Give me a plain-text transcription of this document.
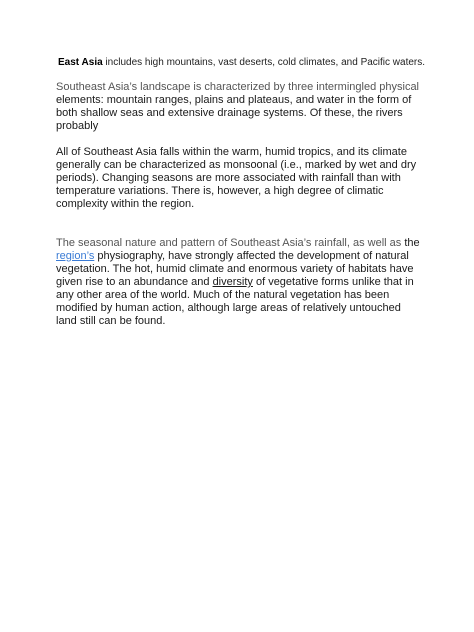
East Asia includes high mountains, vast deserts, cold climates, and Pacific waters.

Southeast Asia’s landscape is characterized by three intermingled physical elements: mountain ranges, plains and plateaus, and water in the form of both shallow seas and extensive drainage systems. Of these, the rivers probably

All of Southeast Asia falls within the warm, humid tropics, and its climate generally can be characterized as monsoonal (i.e., marked by wet and dry periods). Changing seasons are more associated with rainfall than with temperature variations. There is, however, a high degree of climatic complexity within the region.

The seasonal nature and pattern of Southeast Asia’s rainfall, as well as the region’s physiography, have strongly affected the development of natural vegetation. The hot, humid climate and enormous variety of habitats have given rise to an abundance and diversity of vegetative forms unlike that in any other area of the world. Much of the natural vegetation has been modified by human action, although large areas of relatively untouched land still can be found.
